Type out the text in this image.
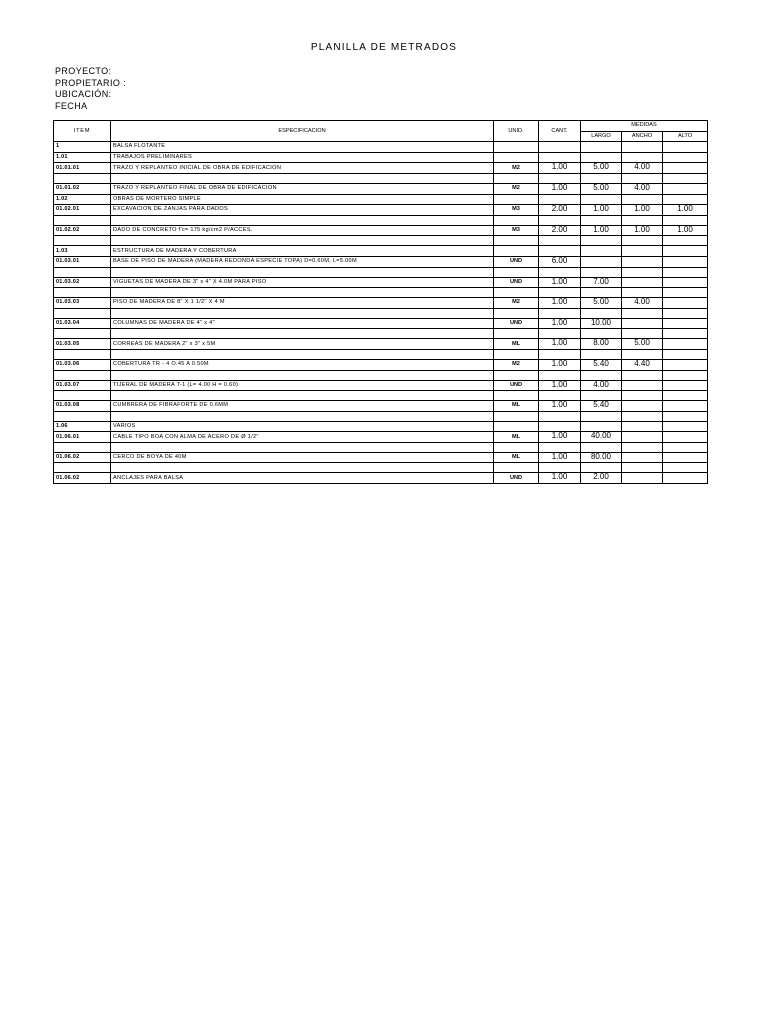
PLANILLA DE METRADOS
PROYECTO:
PROPIETARIO :
UBICACIÓN:
FECHA
ITEM	ESPECIFICACION	UNID.	CANT.	MEDIDAS		
				LARGO	ANCHO	ALTO
1	BALSA FLOTANTE					
1.01	TRABAJOS PRELIMINARES					
01.01.01	TRAZO Y REPLANTEO INICIAL DE OBRA DE EDIFICACION	M2	1.00	5.00	4.00	

01.01.02	TRAZO Y REPLANTEO FINAL DE OBRA DE EDIFICACION	M2	1.00	5.00	4.00	
1.02	OBRAS DE MORTERO SIMPLE					
01.02.01	EXCAVACION DE ZANJAS PARA DADOS	M3	2.00	1.00	1.00	1.00

01.02.02	DADO DE CONCRETO f'c= 175 kg/cm2 P/ACCES.	M3	2.00	1.00	1.00	1.00

1.03	ESTRUCTURA DE MADERA Y COBERTURA					
01.03.01	BASE DE PISO DE MADERA (MADERA REDONDA ESPECIE TOPA) D=0.60M, L=5.00M	UND	6.00			

01.03.02	VIGUETAS DE MADERA DE 3" x 4" X 4.0M PARA PISO	UND	1.00	7.00		

01.03.03	PISO DE MADERA DE 8" X 1 1/2" X 4 M	M2	1.00	5.00	4.00	

01.03.04	COLUMNAS DE MADERA DE 4" x 4"	UND	1.00	10.00		

01.03.05	CORREAS DE MADERA 2" x 3" x 5M	ML	1.00	8.00	5.00	

01.03.06	COBERTURA TR - 4 O.45 A 0.50M	M2	1.00	5.40	4.40	

01.03.07	TIJERAL DE MADERA T-1 (L= 4.00 H = 0.60)	UND	1.00	4.00		

01.03.08	CUMBRERA DE FIBRAFORTE DE 0.6MM	ML	1.00	5.40		

1.06	VARIOS					
01.06.01	CABLE TIPO BOA CON ALMA DE ACERO DE Ø 1/2"	ML	1.00	40.00		

01.06.02	CERCO DE BOYA DE 40M	ML	1.00	80.00		

01.06.02	ANCLAJES PARA BALSA	UND	1.00	2.00		
